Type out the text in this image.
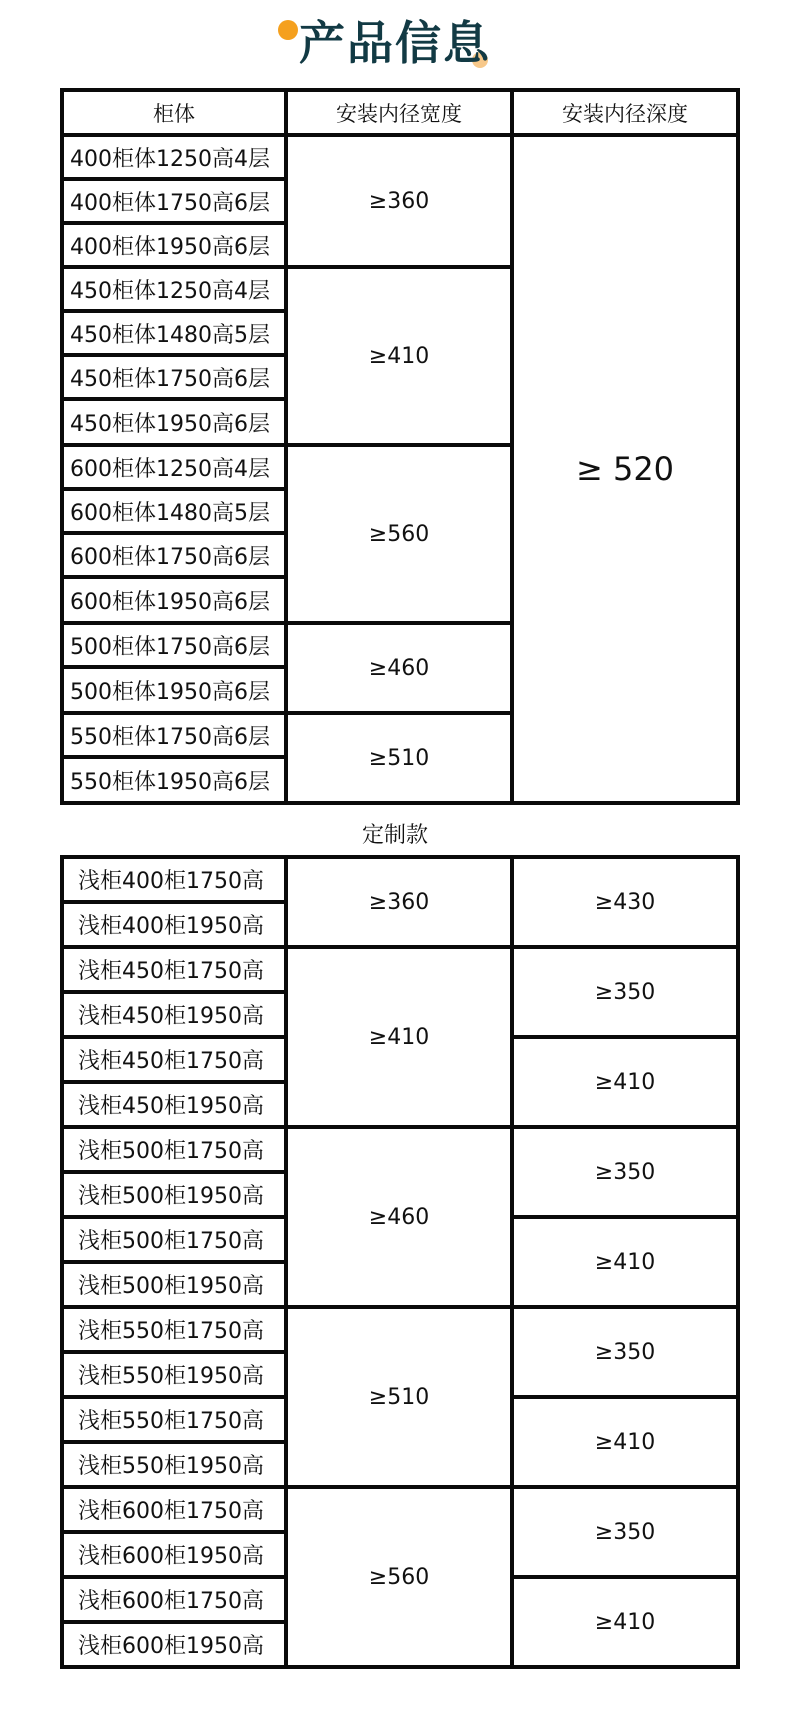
产品信息
柜体	安装内径宽度	安装内径深度
400柜体1250高4层	≥360	≥ 520
400柜体1750高6层		
400柜体1950高6层		
450柜体1250高4层	≥410	
450柜体1480高5层		
450柜体1750高6层		
450柜体1950高6层		
600柜体1250高4层	≥560	
600柜体1480高5层		
600柜体1750高6层		
600柜体1950高6层		
500柜体1750高6层	≥460	
500柜体1950高6层		
550柜体1750高6层	≥510	
550柜体1950高6层		
定制款
浅柜400柜1750高	≥360	≥430
浅柜400柜1950高		
浅柜450柜1750高	≥410	≥350
浅柜450柜1950高		
浅柜450柜1750高		≥410
浅柜450柜1950高		
浅柜500柜1750高	≥460	≥350
浅柜500柜1950高		
浅柜500柜1750高		≥410
浅柜500柜1950高		
浅柜550柜1750高	≥510	≥350
浅柜550柜1950高		
浅柜550柜1750高		≥410
浅柜550柜1950高		
浅柜600柜1750高	≥560	≥350
浅柜600柜1950高		
浅柜600柜1750高		≥410
浅柜600柜1950高		
